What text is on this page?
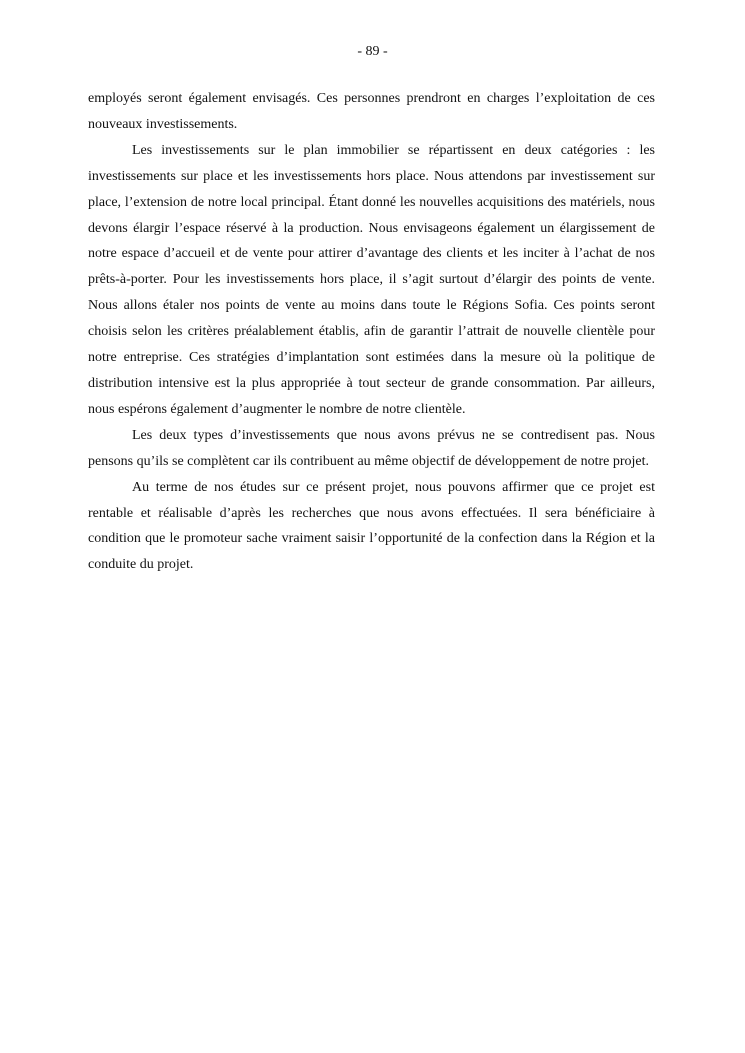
- 89 -

employés seront également envisagés. Ces personnes prendront en charges l’exploitation de ces nouveaux investissements.

Les investissements sur le plan immobilier se répartissent en deux catégories : les investissements sur place et les investissements hors place. Nous attendons par investissement sur place, l’extension de notre local principal. Étant donné les nouvelles acquisitions des matériels, nous devons élargir l’espace réservé à la production. Nous envisageons également un élargissement de notre espace d’accueil et de vente pour attirer d’avantage des clients et les inciter à l’achat de nos prêts-à-porter. Pour les investissements hors place, il s’agit surtout d’élargir des points de vente. Nous allons étaler nos points de vente au moins dans toute le Régions Sofia. Ces points seront choisis selon les critères préalablement établis, afin de garantir l’attrait de nouvelle clientèle pour notre entreprise. Ces stratégies d’implantation sont estimées dans la mesure où la politique de distribution intensive est la plus appropriée à tout secteur de grande consommation. Par ailleurs, nous espérons également d’augmenter le nombre de notre clientèle.

Les deux types d’investissements que nous avons prévus ne se contredisent pas. Nous pensons qu’ils se complètent car ils contribuent au même objectif de développement de notre projet.

Au terme de nos études sur ce présent projet, nous pouvons affirmer que ce projet est rentable et réalisable d’après les recherches que nous avons effectuées. Il sera bénéficiaire à condition que le promoteur sache vraiment saisir l’opportunité de la confection dans la Région et la conduite du projet.
